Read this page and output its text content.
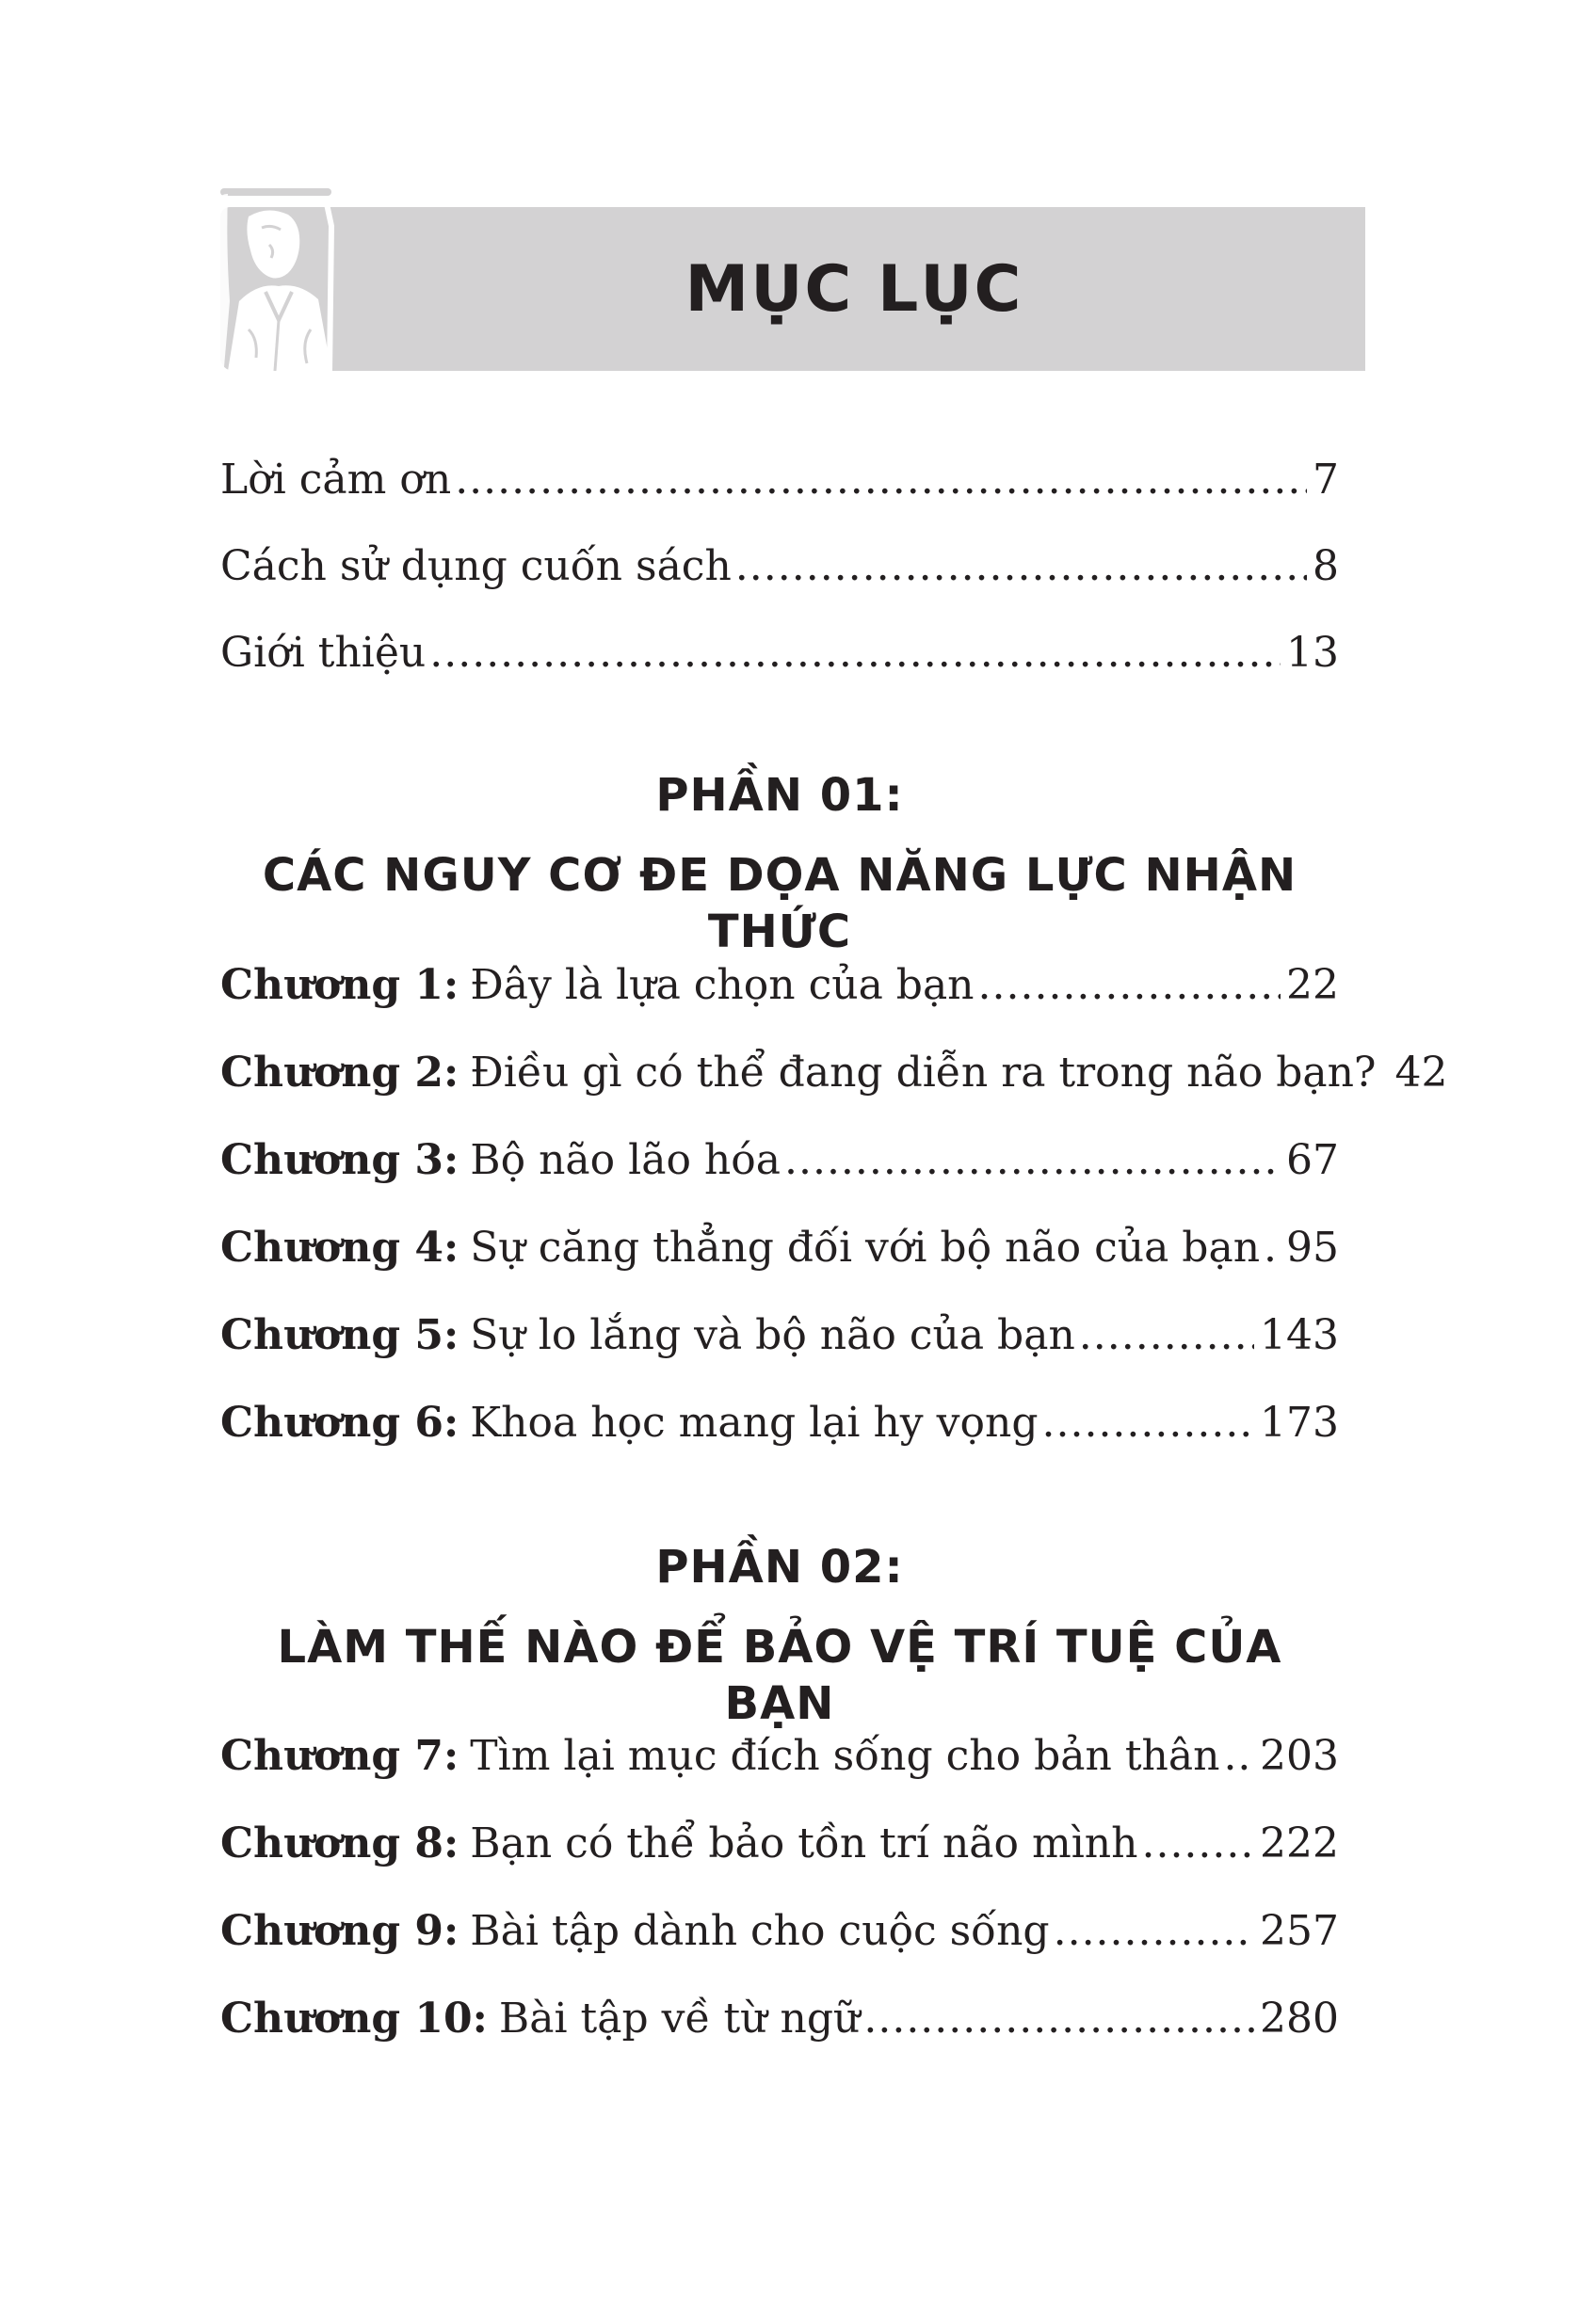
MỤC LỤC
Lời cảm ơn .....	7
Cách sử dụng cuốn sách .....	8
Giới thiệu .....	13
PHẦN 01:
CÁC NGUY CƠ ĐE DỌA NĂNG LỰC NHẬN THỨC
Chương 1: Đây là lựa chọn của bạn .....	22
Chương 2: Điều gì có thể đang diễn ra trong não bạn? 42
Chương 3: Bộ não lão hóa .....	67
Chương 4: Sự căng thẳng đối với bộ não của bạn ..... 95
Chương 5: Sự lo lắng và bộ não của bạn .....	143
Chương 6: Khoa học mang lại hy vọng .....	173
PHẦN 02:
LÀM THẾ NÀO ĐỂ BẢO VỆ TRÍ TUỆ CỦA BẠN
Chương 7: Tìm lại mục đích sống cho bản thân ..... 203
Chương 8: Bạn có thể bảo tồn trí não mình .....	222
Chương 9: Bài tập dành cho cuộc sống .....	257
Chương 10: Bài tập về từ ngữ .....	280
